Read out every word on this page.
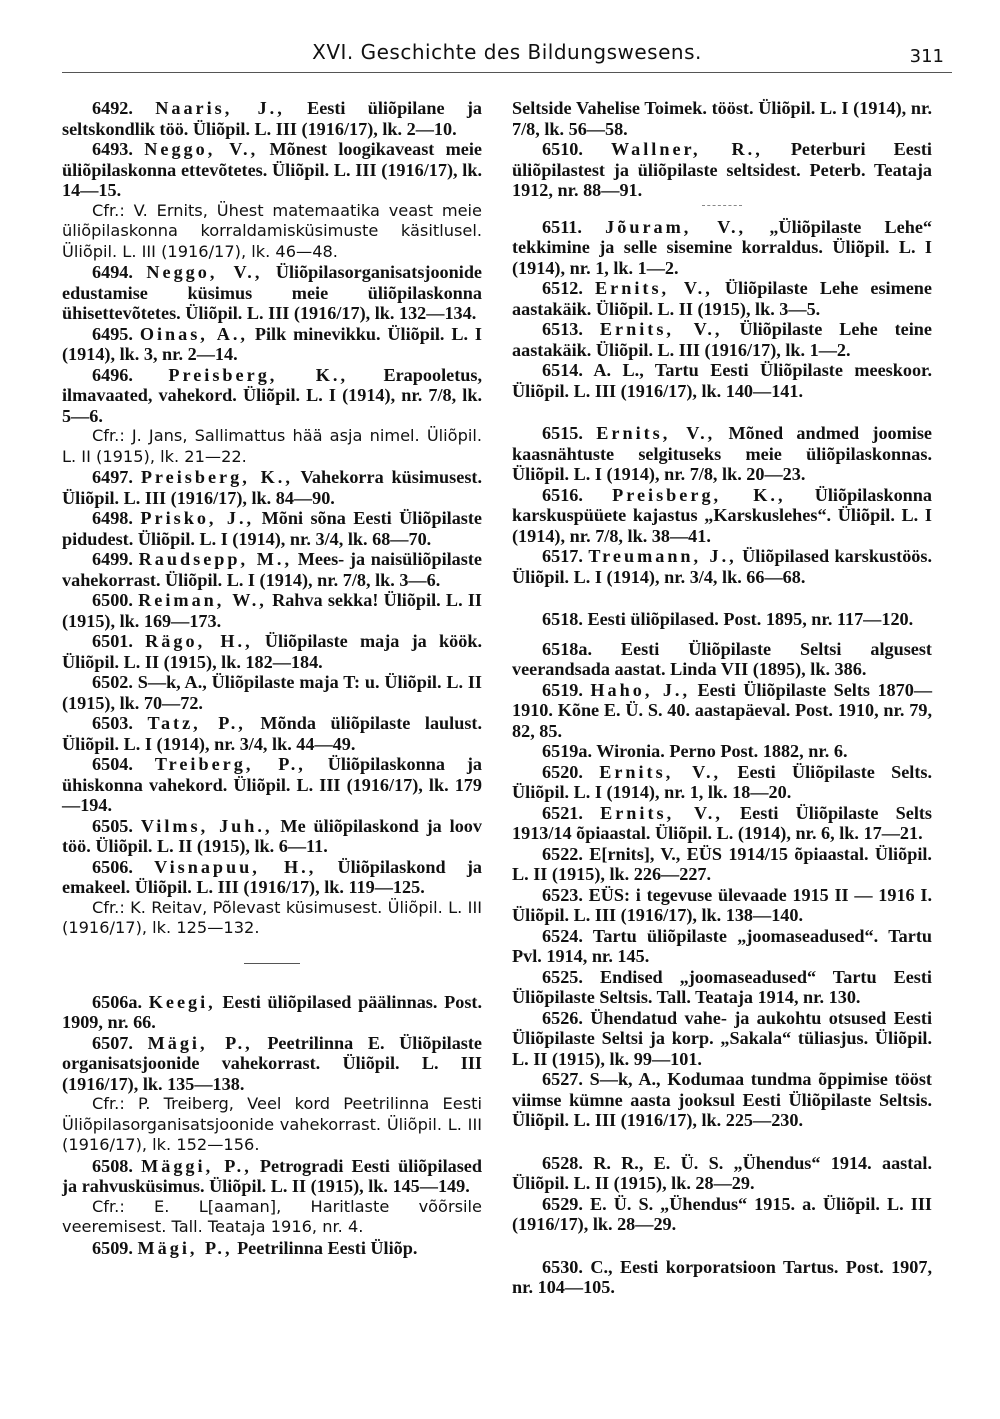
XVI. Geschichte des Bildungswesens.	311

6492. Naaris, J., Eesti üliõpilane ja seltskondlik töö. Üliõpil. L. III (1916/17), lk. 2—10.

6493. Neggo, V., Mõnest loogikaveast meie üliõpilaskonna ettevõtetes. Üliõpil. L. III (1916/17), lk. 14—15.

Cfr.: V. Ernits, Ühest matemaatika veast meie üliõpilaskonna korraldamisküsimuste käsitlusel. Üliõpil. L. III (1916/17), lk. 46—48.

6494. Neggo, V., Üliõpilasorganisatsjoonide edustamise küsimus meie üliõpilaskonna ühisettevõtetes. Üliõpil. L. III (1916/17), lk. 132—134.

6495. Oinas, A., Pilk minevikku. Üliõpil. L. I (1914), lk. 3, nr. 2—14.

6496. Preisberg, K., Erapooletus, ilmavaated, vahekord. Üliõpil. L. I (1914), nr. 7/8, lk. 5—6.

Cfr.: J. Jans, Sallimattus hää asja nimel. Üliõpil. L. II (1915), lk. 21—22.

6497. Preisberg, K., Vahekorra küsimusest. Üliõpil. L. III (1916/17), lk. 84—90.

6498. Prisko, J., Mõni sõna Eesti Üliõpilaste pidudest. Üliõpil. L. I (1914), nr. 3/4, lk. 68—70.

6499. Raudsepp, M., Mees- ja naisüliõpilaste vahekorrast. Üliõpil. L. I (1914), nr. 7/8, lk. 3—6.

6500. Reiman, W., Rahva sekka! Üliõpil. L. II (1915), lk. 169—173.

6501. Rägo, H., Üliõpilaste maja ja köök. Üliõpil. L. II (1915), lk. 182—184.

6502. S—k, A., Üliõpilaste maja T: u. Üliõpil. L. II (1915), lk. 70—72.

6503. Tatz, P., Mõnda üliõpilaste laulust. Üliõpil. L. I (1914), nr. 3/4, lk. 44—49.

6504. Treiberg, P., Üliõpilaskonna ja ühiskonna vahekord. Üliõpil. L. III (1916/17), lk. 179—194.

6505. Vilms, Juh., Me üliõpilaskond ja loov töö. Üliõpil. L. II (1915), lk. 6—11.

6506. Visnapuu, H., Üliõpilaskond ja emakeel. Üliõpil. L. III (1916/17), lk. 119—125.

Cfr.: K. Reitav, Põlevast küsimusest. Üliõpil. L. III (1916/17), lk. 125—132.

6506a. Keegi, Eesti üliõpilased päälinnas. Post. 1909, nr. 66.

6507. Mägi, P., Peetrilinna E. Üliõpilaste organisatsjoonide vahekorrast. Üliõpil. L. III (1916/17), lk. 135—138.

Cfr.: P. Treiberg, Veel kord Peetrilinna Eesti Üliõpilasorganisatsjoonide vahekorrast. Üliõpil. L. III (1916/17), lk. 152—156.

6508. Mäggi, P., Petrogradi Eesti üliõpilased ja rahvusküsimus. Üliõpil. L. II (1915), lk. 145—149.

Cfr.: E. L[aaman], Haritlaste võõrsile veeremisest. Tall. Teataja 1916, nr. 4.

6509. Mägi, P., Peetrilinna Eesti Üliõp.

Seltside Vahelise Toimek. tööst. Üliõpil. L. I (1914), nr. 7/8, lk. 56—58.

6510. Wallner, R., Peterburi Eesti üliõpilastest ja üliõpilaste seltsidest. Peterb. Teataja 1912, nr. 88—91.

6511. Jõuram, V., „Üliõpilaste Lehe“ tekkimine ja selle sisemine korraldus. Üliõpil. L. I (1914), nr. 1, lk. 1—2.

6512. Ernits, V., Üliõpilaste Lehe esimene aastakäik. Üliõpil. L. II (1915), lk. 3—5.

6513. Ernits, V., Üliõpilaste Lehe teine aastakäik. Üliõpil. L. III (1916/17), lk. 1—2.

6514. A. L., Tartu Eesti Üliõpilaste meeskoor. Üliõpil. L. III (1916/17), lk. 140—141.

6515. Ernits, V., Mõned andmed joomise kaasnähtuste selgituseks meie üliõpilaskonnas. Üliõpil. L. I (1914), nr. 7/8, lk. 20—23.

6516. Preisberg, K., Üliõpilaskonna karskuspüüete kajastus „Karskuslehes“. Üliõpil. L. I (1914), nr. 7/8, lk. 38—41.

6517. Treumann, J., Üliõpilased karskustöös. Üliõpil. L. I (1914), nr. 3/4, lk. 66—68.

6518. Eesti üliõpilased. Post. 1895, nr. 117—120.

6518a. Eesti Üliõpilaste Seltsi algusest veerandsada aastat. Linda VII (1895), lk. 386.

6519. Haho, J., Eesti Üliõpilaste Selts 1870—1910. Kõne E. Ü. S. 40. aastapäeval. Post. 1910, nr. 79, 82, 85.

6519a. Wironia. Perno Post. 1882, nr. 6.

6520. Ernits, V., Eesti Üliõpilaste Selts. Üliõpil. L. I (1914), nr. 1, lk. 18—20.

6521. Ernits, V., Eesti Üliõpilaste Selts 1913/14 õpiaastal. Üliõpil. L. (1914), nr. 6, lk. 17—21.

6522. E[rnits], V., EÜS 1914/15 õpiaastal. Üliõpil. L. II (1915), lk. 226—227.

6523. EÜS: i tegevuse ülevaade 1915 II — 1916 I. Üliõpil. L. III (1916/17), lk. 138—140.

6524. Tartu üliõpilaste „joomaseadused“. Tartu Pvl. 1914, nr. 145.

6525. Endised „joomaseadused“ Tartu Eesti Üliõpilaste Seltsis. Tall. Teataja 1914, nr. 130.

6526. Ühendatud vahe- ja aukohtu otsused Eesti Üliõpilaste Seltsi ja korp. „Sakala“ tüliasjus. Üliõpil. L. II (1915), lk. 99—101.

6527. S—k, A., Kodumaa tundma õppimise tööst viimse kümne aasta jooksul Eesti Üliõpilaste Seltsis. Üliõpil. L. III (1916/17), lk. 225—230.

6528. R. R., E. Ü. S. „Ühendus“ 1914. aastal. Üliõpil. L. II (1915), lk. 28—29.

6529. E. Ü. S. „Ühendus“ 1915. a. Üliõpil. L. III (1916/17), lk. 28—29.

6530. C., Eesti korporatsioon Tartus. Post. 1907, nr. 104—105.
